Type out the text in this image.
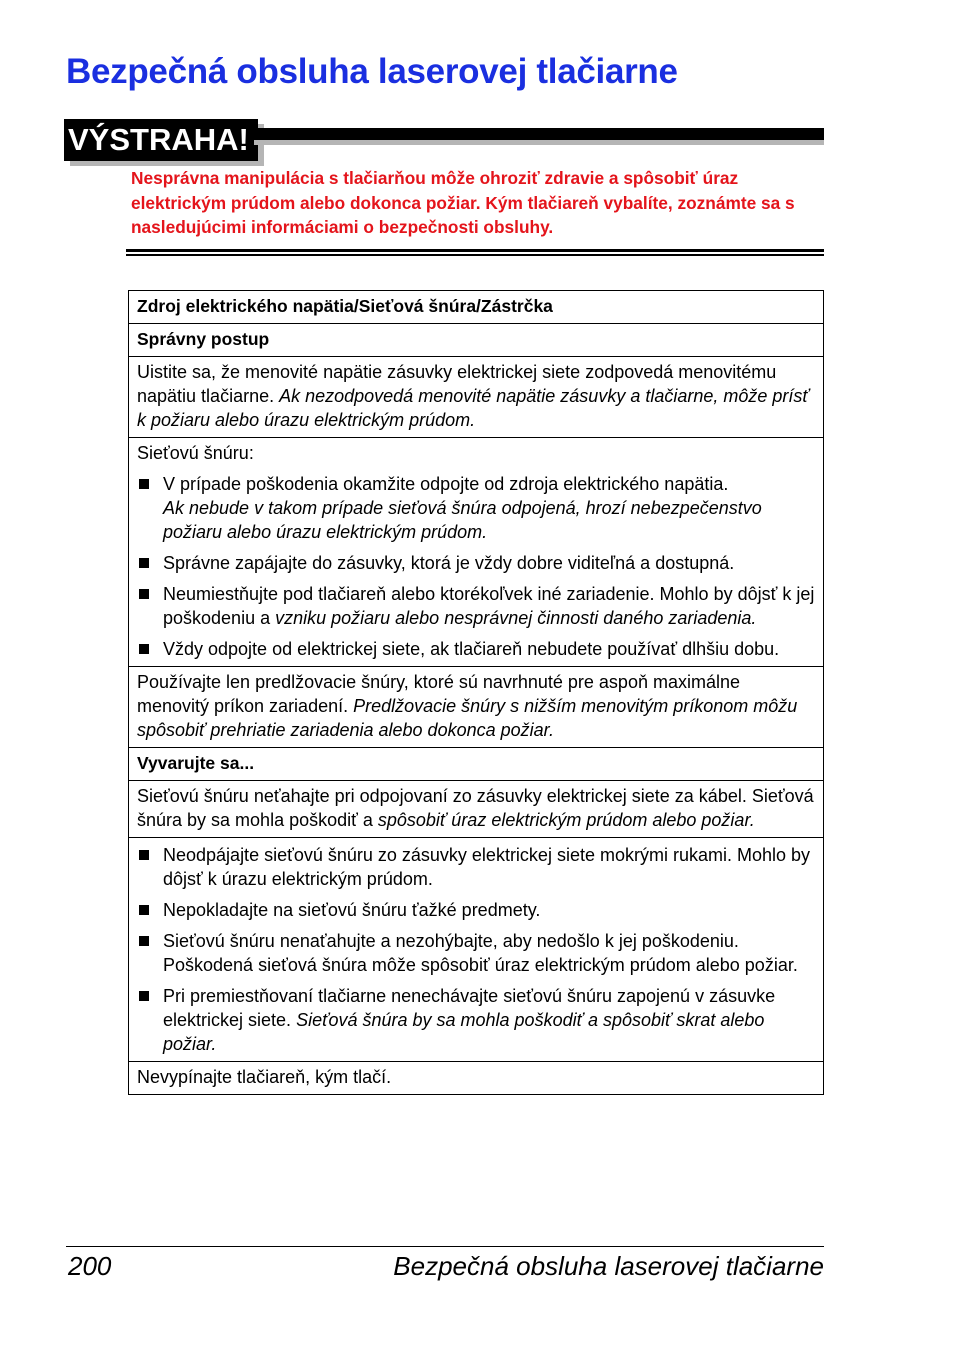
Bezpečná obsluha laserovej tlačiarne
VÝSTRAHA!

Nesprávna manipulácia s tlačiarňou môže ohroziť zdravie a spôsobiť úraz elektrickým prúdom alebo dokonca požiar. Kým tlačiareň vybalíte, zoznámte sa s nasledujúcimi informáciami o bezpečnosti obsluhy.

Zdroj elektrického napätia/Sieťová šnúra/Zástrčka
Správny postup
Uistite sa, že menovité napätie zásuvky elektrickej siete zodpovedá menovitému napätiu tlačiarne. Ak nezodpovedá menovité napätie zásuvky a tlačiarne, môže prísť k požiaru alebo úrazu elektrickým prúdom.

Sieťovú šnúru:
V prípade poškodenia okamžite odpojte od zdroja elektrického napätia.
Ak nebude v takom prípade sieťová šnúra odpojená, hrozí nebezpečenstvo požiaru alebo úrazu elektrickým prúdom.
Správne zapájajte do zásuvky, ktorá je vždy dobre viditeľná a dostupná.
Neumiestňujte pod tlačiareň alebo ktorékoľvek iné zariadenie. Mohlo by dôjsť k jej poškodeniu a vzniku požiaru alebo nesprávnej činnosti daného zariadenia.
Vždy odpojte od elektrickej siete, ak tlačiareň nebudete používať dlhšiu dobu.

Používajte len predlžovacie šnúry, ktoré sú navrhnuté pre aspoň maximálne menovitý príkon zariadení. Predlžovacie šnúry s nižším menovitým príkonom môžu spôsobiť prehriatie zariadenia alebo dokonca požiar.
Vyvarujte sa...
Sieťovú šnúru neťahajte pri odpojovaní zo zásuvky elektrickej siete za kábel. Sieťová šnúra by sa mohla poškodiť a spôsobiť úraz elektrickým prúdom alebo požiar.

Neodpájajte sieťovú šnúru zo zásuvky elektrickej siete mokrými rukami. Mohlo by dôjsť k úrazu elektrickým prúdom.
Nepokladajte na sieťovú šnúru ťažké predmety.
Sieťovú šnúru nenaťahujte a nezohýbajte, aby nedošlo k jej poškodeniu. Poškodená sieťová šnúra môže spôsobiť úraz elektrickým prúdom alebo požiar.
Pri premiestňovaní tlačiarne nenechávajte sieťovú šnúru zapojenú v zásuvke elektrickej siete. Sieťová šnúra by sa mohla poškodiť a spôsobiť skrat alebo požiar.

Nevypínajte tlačiareň, kým tlačí.
200	Bezpečná obsluha laserovej tlačiarne
